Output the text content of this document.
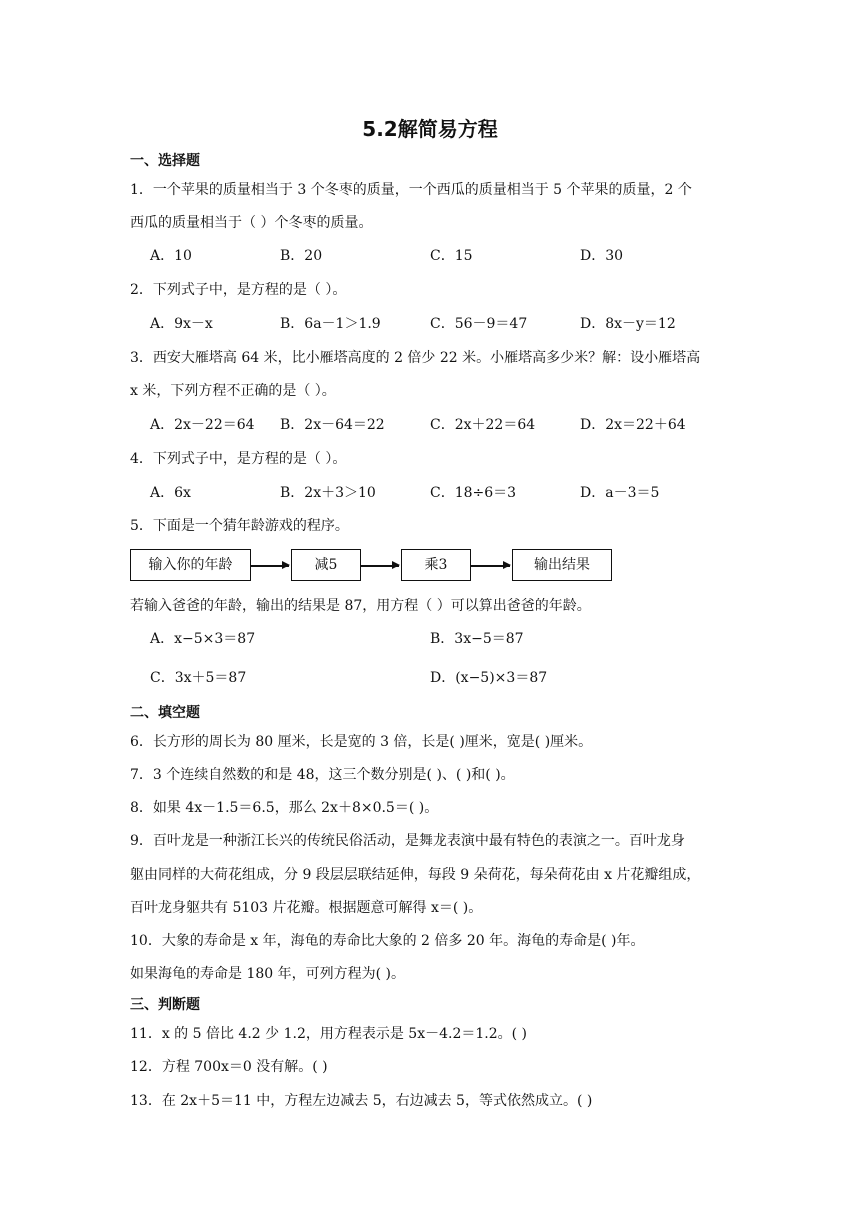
5.2解简易方程
一、选择题
1．一个苹果的质量相当于 3 个冬枣的质量，一个西瓜的质量相当于 5 个苹果的质量，2 个
西瓜的质量相当于（ ）个冬枣的质量。
A．10	B．20	C．15	D．30
2．下列式子中，是方程的是（ ）。
A．9x－x	B．6a－1＞1.9	C．56－9＝47	D．8x－y＝12
3．西安大雁塔高 64 米，比小雁塔高度的 2 倍少 22 米。小雁塔高多少米？解：设小雁塔高
x 米，下列方程不正确的是（ ）。
A．2x－22＝64 B．2x－64＝22	C．2x＋22＝64	D．2x＝22＋64
4．下列式子中，是方程的是（ ）。
A．6x	B．2x＋3＞10	C．18÷6＝3	D．a－3＝5
5．下面是一个猜年龄游戏的程序。
输入你的年龄	减5	乘3	输出结果
若输入爸爸的年龄，输出的结果是 87，用方程（ ）可以算出爸爸的年龄。
A．x−5×3＝87	B．3x−5＝87
C．3x＋5＝87	D．(x−5)×3＝87
二、填空题
6．长方形的周长为 80 厘米，长是宽的 3 倍，长是( )厘米，宽是( )厘米。
7．3 个连续自然数的和是 48，这三个数分别是( )、( )和( )。
8．如果 4x－1.5＝6.5，那么 2x＋8×0.5＝( )。
9．百叶龙是一种浙江长兴的传统民俗活动，是舞龙表演中最有特色的表演之一。百叶龙身
躯由同样的大荷花组成，分 9 段层层联结延伸，每段 9 朵荷花，每朵荷花由 x 片花瓣组成，
百叶龙身躯共有 5103 片花瓣。根据题意可解得 x＝( )。
10．大象的寿命是 x 年，海龟的寿命比大象的 2 倍多 20 年。海龟的寿命是( )年。
如果海龟的寿命是 180 年，可列方程为( )。
三、判断题
11．x 的 5 倍比 4.2 少 1.2，用方程表示是 5x－4.2＝1.2。( )
12．方程 700x＝0 没有解。( )
13．在 2x＋5＝11 中，方程左边减去 5，右边减去 5，等式依然成立。( )
